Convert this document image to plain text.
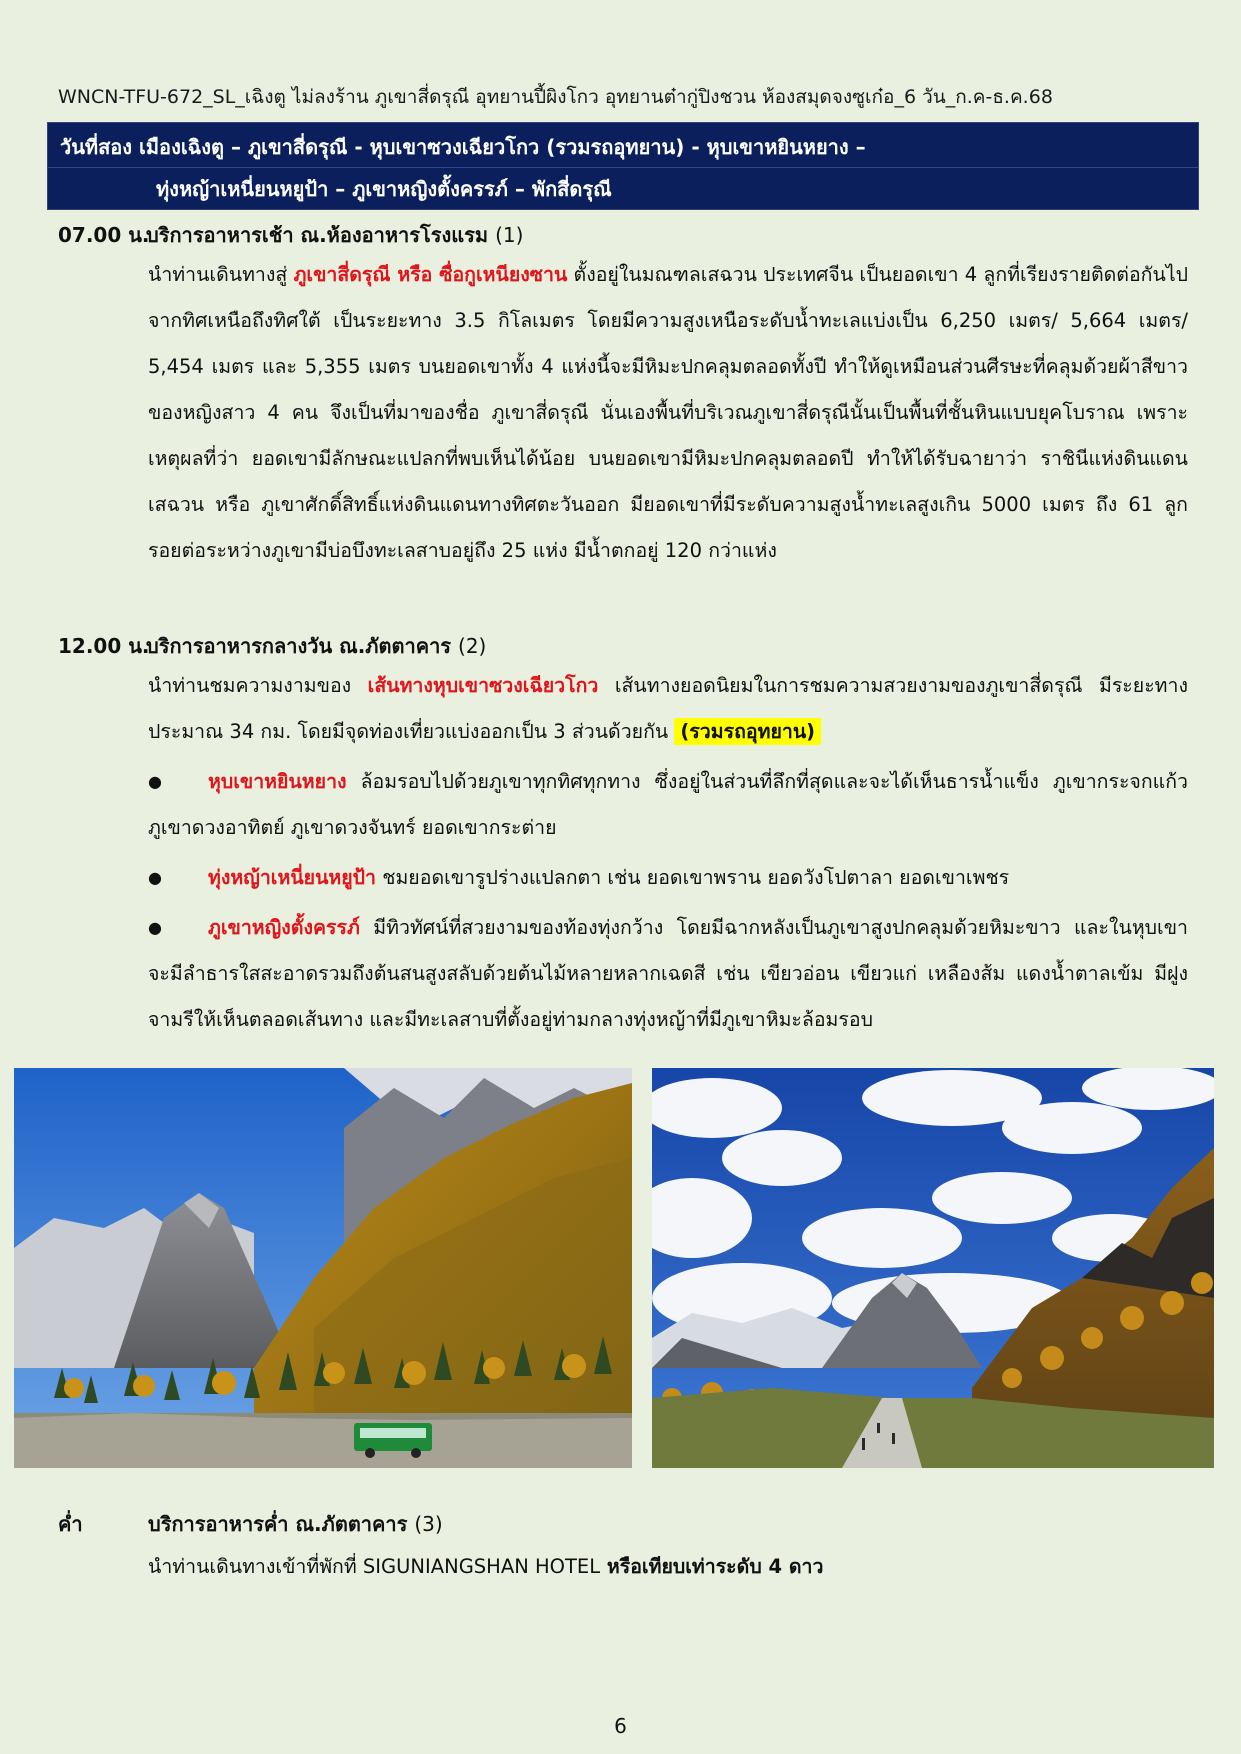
WNCN-TFU-672_SL_เฉิงตู ไม่ลงร้าน ภูเขาสี่ดรุณี อุทยานปี้ผิงโกว อุทยานต๋ากู่ปิงชวน ห้องสมุดจงซูเก๋อ_6 วัน_ก.ค-ธ.ค.68
วันที่สอง เมืองเฉิงตู – ภูเขาสี่ดรุณี - หุบเขาซวงเฉียวโกว (รวมรถอุทยาน) - หุบเขาหยินหยาง –
ทุ่งหญ้าเหนี่ยนหยูป้า – ภูเขาหญิงตั้งครรภ์ – พักสี่ดรุณี
07.00 น.บริการอาหารเช้า ณ.ห้องอาหารโรงแรม (1)
นำท่านเดินทางสู่ ภูเขาสี่ดรุณี หรือ ซื่อกูเหนียงซาน ตั้งอยู่ในมณฑลเสฉวน ประเทศจีน เป็นยอดเขา 4 ลูกที่เรียงรายติดต่อกันไปจากทิศเหนือถึงทิศใต้ เป็นระยะทาง 3.5 กิโลเมตร โดยมีความสูงเหนือระดับน้ำทะเลแบ่งเป็น 6,250 เมตร/ 5,664 เมตร/ 5,454 เมตร และ 5,355 เมตร บนยอดเขาทั้ง 4 แห่งนี้จะมีหิมะปกคลุมตลอดทั้งปี ทำให้ดูเหมือนส่วนศีรษะที่คลุมด้วยผ้าสีขาวของหญิงสาว 4 คน จึงเป็นที่มาของชื่อ ภูเขาสี่ดรุณี นั่นเองพื้นที่บริเวณภูเขาสี่ดรุณีนั้นเป็นพื้นที่ชั้นหินแบบยุคโบราณ เพราะเหตุผลที่ว่า ยอดเขามีลักษณะแปลกที่พบเห็นได้น้อย บนยอดเขามีหิมะปกคลุมตลอดปี ทำให้ได้รับฉายาว่า ราชินีแห่งดินแดนเสฉวน หรือ ภูเขาศักดิ์สิทธิ์แห่งดินแดนทางทิศตะวันออก มียอดเขาที่มีระดับความสูงน้ำทะเลสูงเกิน 5000 เมตร ถึง 61 ลูก รอยต่อระหว่างภูเขามีบ่อบึงทะเลสาบอยู่ถึง 25 แห่ง มีน้ำตกอยู่ 120 กว่าแห่ง
12.00 น.บริการอาหารกลางวัน ณ.ภัตตาคาร (2)
นำท่านชมความงามของ เส้นทางหุบเขาซวงเฉียวโกว เส้นทางยอดนิยมในการชมความสวยงามของภูเขาสี่ดรุณี มีระยะทางประมาณ 34 กม. โดยมีจุดท่องเที่ยวแบ่งออกเป็น 3 ส่วนด้วยกัน (รวมรถอุทยาน)
● หุบเขาหยินหยาง ล้อมรอบไปด้วยภูเขาทุกทิศทุกทาง ซึ่งอยู่ในส่วนที่ลึกที่สุดและจะได้เห็นธารน้ำแข็ง ภูเขากระจกแก้ว ภูเขาดวงอาทิตย์ ภูเขาดวงจันทร์ ยอดเขากระต่าย
● ทุ่งหญ้าเหนี่ยนหยูป้า ชมยอดเขารูปร่างแปลกตา เช่น ยอดเขาพราน ยอดวังโปตาลา ยอดเขาเพชร
● ภูเขาหญิงตั้งครรภ์ มีทิวทัศน์ที่สวยงามของท้องทุ่งกว้าง โดยมีฉากหลังเป็นภูเขาสูงปกคลุมด้วยหิมะขาว และในหุบเขาจะมีลำธารใสสะอาดรวมถึงต้นสนสูงสลับด้วยต้นไม้หลายหลากเฉดสี เช่น เขียวอ่อน เขียวแก่ เหลืองส้ม แดงน้ำตาลเข้ม มีฝูงจามรีให้เห็นตลอดเส้นทาง และมีทะเลสาบที่ตั้งอยู่ท่ามกลางทุ่งหญ้าที่มีภูเขาหิมะล้อมรอบ
ค่ำ	บริการอาหารค่ำ ณ.ภัตตาคาร (3)
นำท่านเดินทางเข้าที่พักที่ SIGUNIANGSHAN HOTEL หรือเทียบเท่าระดับ 4 ดาว
6
